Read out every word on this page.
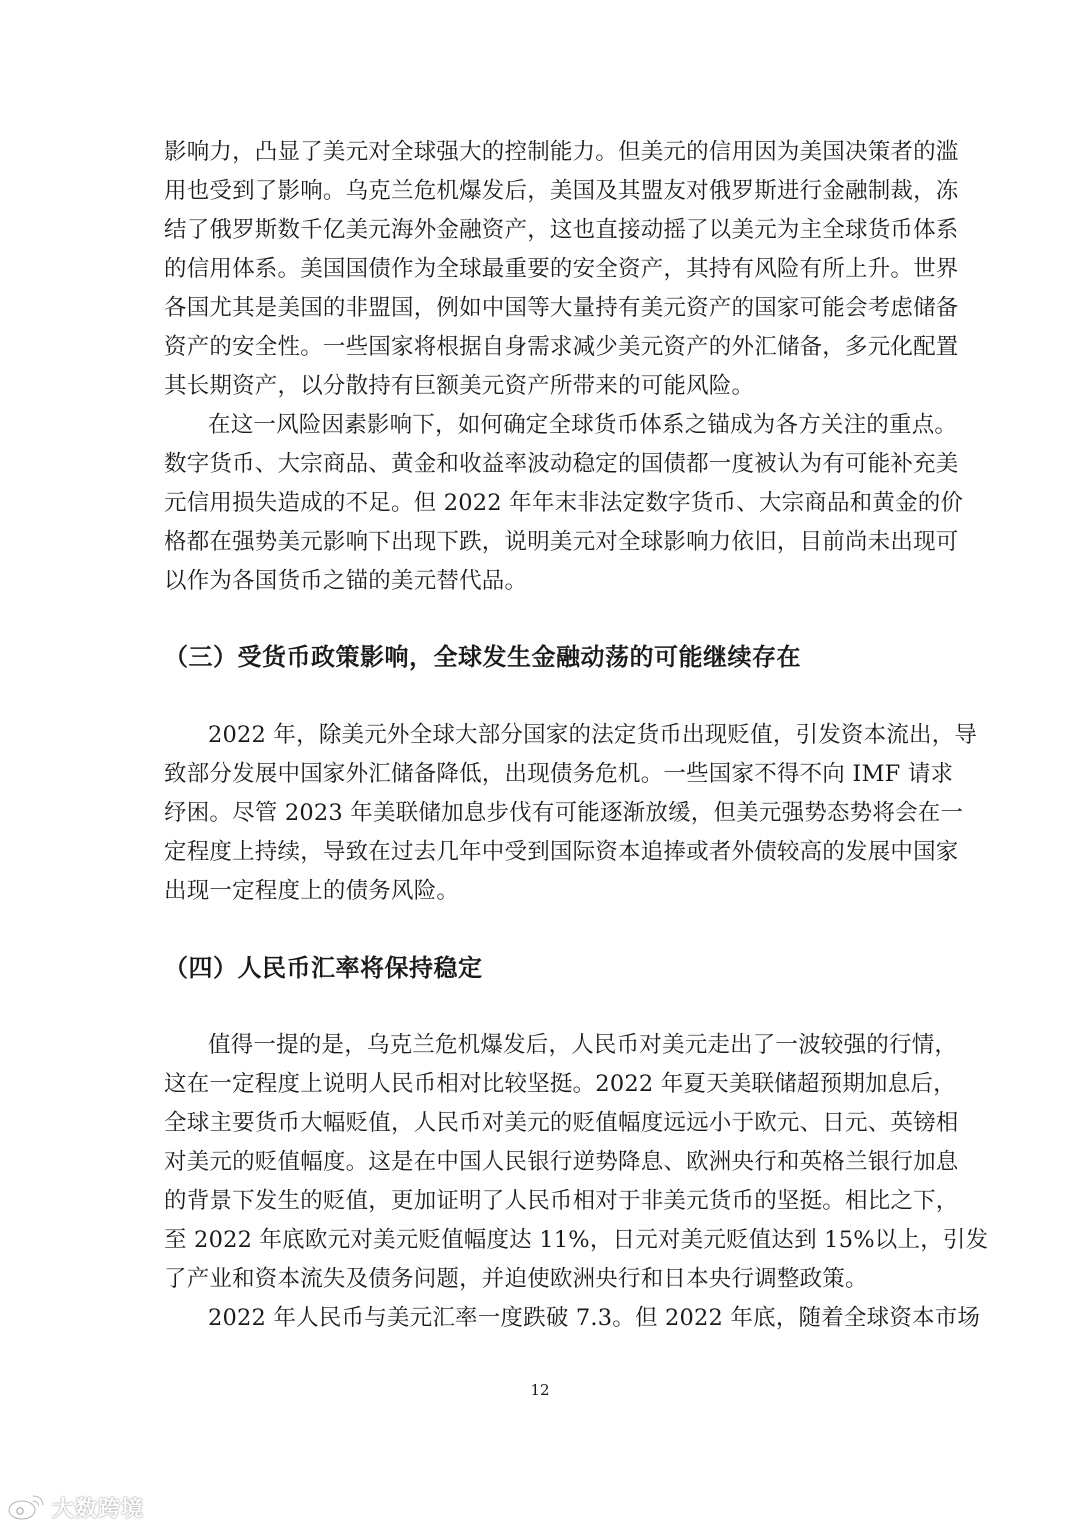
影响力，凸显了美元对全球强大的控制能力。但美元的信用因为美国决策者的滥
用也受到了影响。乌克兰危机爆发后，美国及其盟友对俄罗斯进行金融制裁，冻
结了俄罗斯数千亿美元海外金融资产，这也直接动摇了以美元为主全球货币体系
的信用体系。美国国债作为全球最重要的安全资产，其持有风险有所上升。世界
各国尤其是美国的非盟国，例如中国等大量持有美元资产的国家可能会考虑储备
资产的安全性。一些国家将根据自身需求减少美元资产的外汇储备，多元化配置
其长期资产，以分散持有巨额美元资产所带来的可能风险。
在这一风险因素影响下，如何确定全球货币体系之锚成为各方关注的重点。
数字货币、大宗商品、黄金和收益率波动稳定的国债都一度被认为有可能补充美
元信用损失造成的不足。但 2022 年年末非法定数字货币、大宗商品和黄金的价
格都在强势美元影响下出现下跌，说明美元对全球影响力依旧，目前尚未出现可
以作为各国货币之锚的美元替代品。
（三）受货币政策影响，全球发生金融动荡的可能继续存在
2022 年，除美元外全球大部分国家的法定货币出现贬值，引发资本流出，导
致部分发展中国家外汇储备降低，出现债务危机。一些国家不得不向 IMF 请求
纾困。尽管 2023 年美联储加息步伐有可能逐渐放缓，但美元强势态势将会在一
定程度上持续，导致在过去几年中受到国际资本追捧或者外债较高的发展中国家
出现一定程度上的债务风险。
（四）人民币汇率将保持稳定
值得一提的是，乌克兰危机爆发后，人民币对美元走出了一波较强的行情，
这在一定程度上说明人民币相对比较坚挺。2022 年夏天美联储超预期加息后，
全球主要货币大幅贬值，人民币对美元的贬值幅度远远小于欧元、日元、英镑相
对美元的贬值幅度。这是在中国人民银行逆势降息、欧洲央行和英格兰银行加息
的背景下发生的贬值，更加证明了人民币相对于非美元货币的坚挺。相比之下，
至 2022 年底欧元对美元贬值幅度达 11%，日元对美元贬值达到 15%以上，引发
了产业和资本流失及债务问题，并迫使欧洲央行和日本央行调整政策。
2022 年人民币与美元汇率一度跌破 7.3。但 2022 年底，随着全球资本市场
12
大数跨境
